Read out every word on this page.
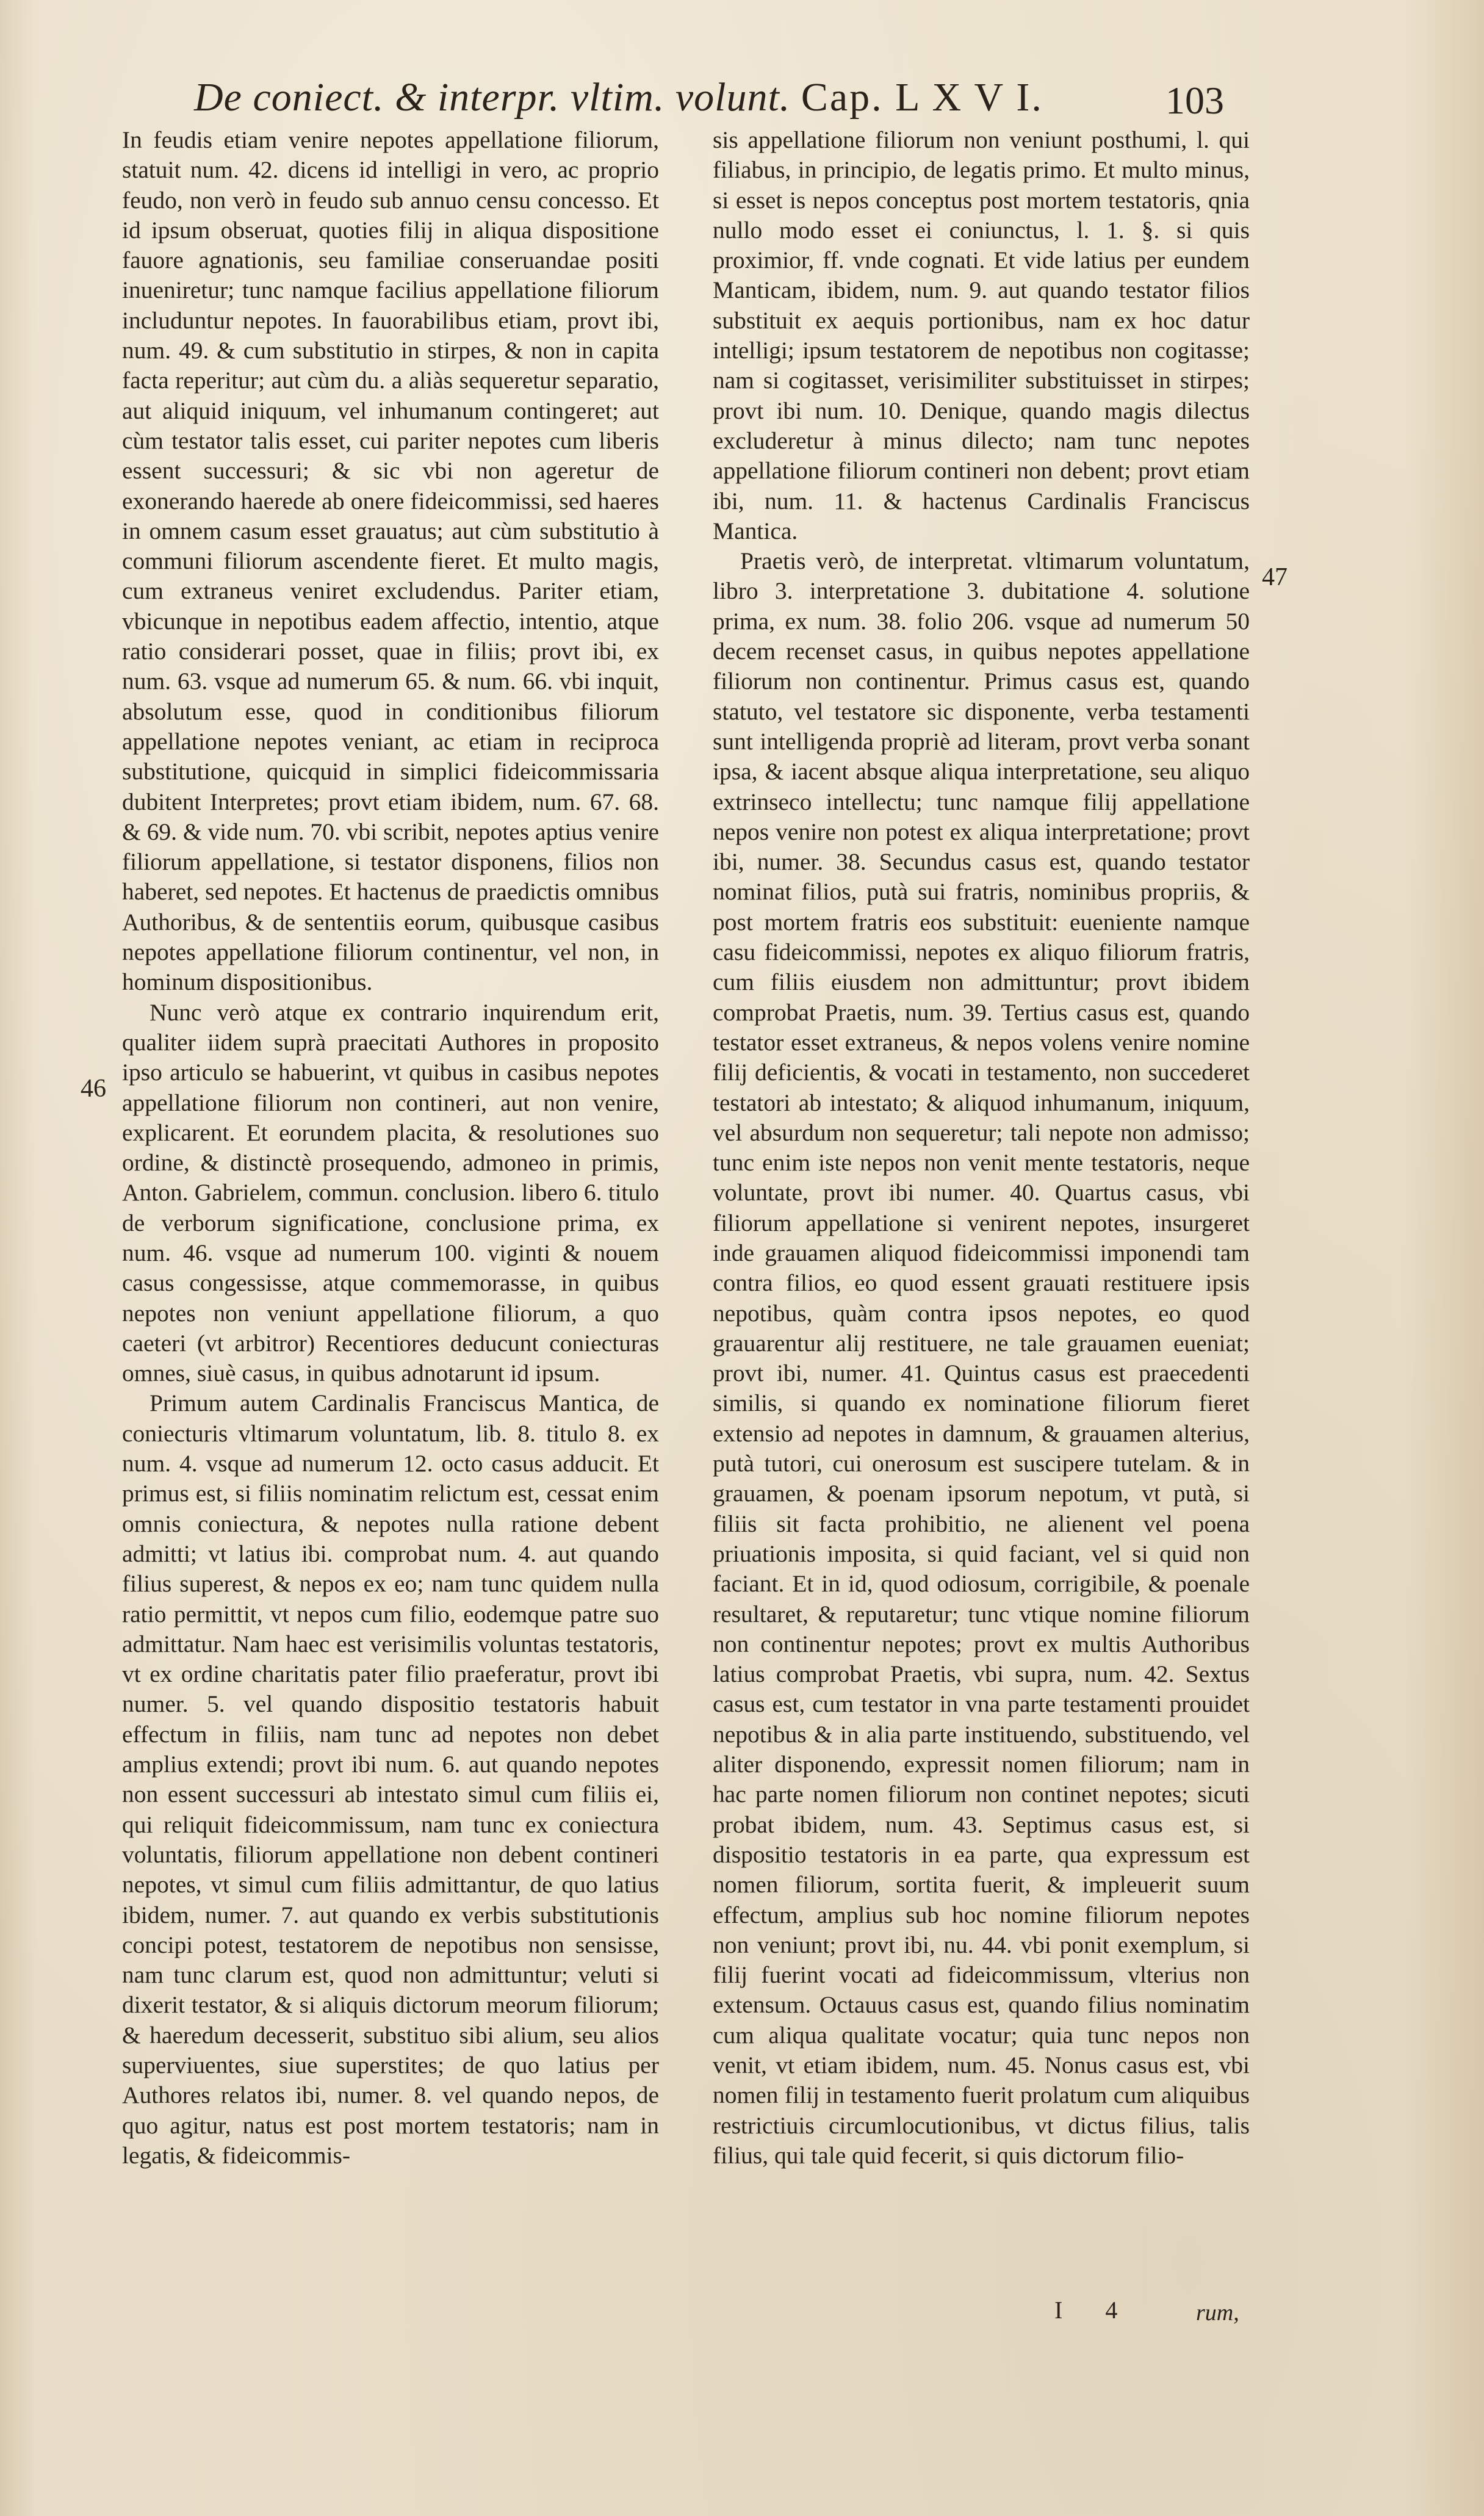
De coniect. & interpr. vltim. volunt. Cap. L X V I.	103
46
47

In feudis etiam venire nepotes appellatione filiorum, statuit num. 42. dicens id intelligi in vero, ac proprio feudo, non verò in feudo sub annuo censu concesso. Et id ipsum obseruat, quoties filij in aliqua dispositione fauore agnationis, seu familiae conseruandae positi inueniretur; tunc namque facilius appellatione filiorum includuntur nepotes. In fauorabilibus etiam, provt ibi, num. 49. & cum substitutio in stirpes, & non in capita facta reperitur; aut cùm du. a aliàs sequeretur separatio, aut aliquid iniquum, vel inhumanum contingeret; aut cùm testator talis esset, cui pariter nepotes cum liberis essent successuri; & sic vbi non ageretur de exonerando haerede ab onere fideicommissi, sed haeres in omnem casum esset grauatus; aut cùm substitutio à communi filiorum ascendente fieret. Et multo magis, cum extraneus veniret excludendus. Pariter etiam, vbicunque in nepotibus eadem affectio, intentio, atque ratio considerari posset, quae in filiis; provt ibi, ex num. 63. vsque ad numerum 65. & num. 66. vbi inquit, absolutum esse, quod in conditionibus filiorum appellatione nepotes veniant, ac etiam in reciproca substitutione, quicquid in simplici fideicommissaria dubitent Interpretes; provt etiam ibidem, num. 67. 68. & 69. & vide num. 70. vbi scribit, nepotes aptius venire filiorum appellatione, si testator disponens, filios non haberet, sed nepotes. Et hactenus de praedictis omnibus Authoribus, & de sententiis eorum, quibusque casibus nepotes appellatione filiorum continentur, vel non, in hominum dispositionibus.

Nunc verò atque ex contrario inquirendum erit, qualiter iidem suprà praecitati Authores in proposito ipso articulo se habuerint, vt quibus in casibus nepotes appellatione filiorum non contineri, aut non venire, explicarent. Et eorundem placita, & resolutiones suo ordine, & distinctè prosequendo, admoneo in primis, Anton. Gabrielem, commun. conclusion. libero 6. titulo de verborum significatione, conclusione prima, ex num. 46. vsque ad numerum 100. viginti & nouem casus congessisse, atque commemorasse, in quibus nepotes non veniunt appellatione filiorum, a quo caeteri (vt arbitror) Recentiores deducunt coniecturas omnes, siuè casus, in quibus adnotarunt id ipsum.

Primum autem Cardinalis Franciscus Mantica, de coniecturis vltimarum voluntatum, lib. 8. titulo 8. ex num. 4. vsque ad numerum 12. octo casus adducit. Et primus est, si filiis nominatim relictum est, cessat enim omnis coniectura, & nepotes nulla ratione debent admitti; vt latius ibi. comprobat num. 4. aut quando filius superest, & nepos ex eo; nam tunc quidem nulla ratio permittit, vt nepos cum filio, eodemque patre suo admittatur. Nam haec est verisimilis voluntas testatoris, vt ex ordine charitatis pater filio praeferatur, provt ibi numer. 5. vel quando dispositio testatoris habuit effectum in filiis, nam tunc ad nepotes non debet amplius extendi; provt ibi num. 6. aut quando nepotes non essent successuri ab intestato simul cum filiis ei, qui reliquit fideicommissum, nam tunc ex coniectura voluntatis, filiorum appellatione non debent contineri nepotes, vt simul cum filiis admittantur, de quo latius ibidem, numer. 7. aut quando ex verbis substitutionis concipi potest, testatorem de nepotibus non sensisse, nam tunc clarum est, quod non admittuntur; veluti si dixerit testator, & si aliquis dictorum meorum filiorum; & haeredum decesserit, substituo sibi alium, seu alios superviuentes, siue superstites; de quo latius per Authores relatos ibi, numer. 8. vel quando nepos, de quo agitur, natus est post mortem testatoris; nam in legatis, & fideicommis-

sis appellatione filiorum non veniunt posthumi, l. qui filiabus, in principio, de legatis primo. Et multo minus, si esset is nepos conceptus post mortem testatoris, qnia nullo modo esset ei coniunctus, l. 1. §. si quis proximior, ff. vnde cognati. Et vide latius per eundem Manticam, ibidem, num. 9. aut quando testator filios substituit ex aequis portionibus, nam ex hoc datur intelligi; ipsum testatorem de nepotibus non cogitasse; nam si cogitasset, verisimiliter substituisset in stirpes; provt ibi num. 10. Denique, quando magis dilectus excluderetur à minus dilecto; nam tunc nepotes appellatione filiorum contineri non debent; provt etiam ibi, num. 11. & hactenus Cardinalis Franciscus Mantica.

Praetis verò, de interpretat. vltimarum voluntatum, libro 3. interpretatione 3. dubitatione 4. solutione prima, ex num. 38. folio 206. vsque ad numerum 50 decem recenset casus, in quibus nepotes appellatione filiorum non continentur. Primus casus est, quando statuto, vel testatore sic disponente, verba testamenti sunt intelligenda propriè ad literam, provt verba sonant ipsa, & iacent absque aliqua interpretatione, seu aliquo extrinseco intellectu; tunc namque filij appellatione nepos venire non potest ex aliqua interpretatione; provt ibi, numer. 38. Secundus casus est, quando testator nominat filios, putà sui fratris, nominibus propriis, & post mortem fratris eos substituit: eueniente namque casu fideicommissi, nepotes ex aliquo filiorum fratris, cum filiis eiusdem non admittuntur; provt ibidem comprobat Praetis, num. 39. Tertius casus est, quando testator esset extraneus, & nepos volens venire nomine filij deficientis, & vocati in testamento, non succederet testatori ab intestato; & aliquod inhumanum, iniquum, vel absurdum non sequeretur; tali nepote non admisso; tunc enim iste nepos non venit mente testatoris, neque voluntate, provt ibi numer. 40. Quartus casus, vbi filiorum appellatione si venirent nepotes, insurgeret inde grauamen aliquod fideicommissi imponendi tam contra filios, eo quod essent grauati restituere ipsis nepotibus, quàm contra ipsos nepotes, eo quod grauarentur alij restituere, ne tale grauamen eueniat; provt ibi, numer. 41. Quintus casus est praecedenti similis, si quando ex nominatione filiorum fieret extensio ad nepotes in damnum, & grauamen alterius, putà tutori, cui onerosum est suscipere tutelam. & in grauamen, & poenam ipsorum nepotum, vt putà, si filiis sit facta prohibitio, ne alienent vel poena priuationis imposita, si quid faciant, vel si quid non faciant. Et in id, quod odiosum, corrigibile, & poenale resultaret, & reputaretur; tunc vtique nomine filiorum non continentur nepotes; provt ex multis Authoribus latius comprobat Praetis, vbi supra, num. 42. Sextus casus est, cum testator in vna parte testamenti prouidet nepotibus & in alia parte instituendo, substituendo, vel aliter disponendo, expressit nomen filiorum; nam in hac parte nomen filiorum non continet nepotes; sicuti probat ibidem, num. 43. Septimus casus est, si dispositio testatoris in ea parte, qua expressum est nomen filiorum, sortita fuerit, & impleuerit suum effectum, amplius sub hoc nomine filiorum nepotes non veniunt; provt ibi, nu. 44. vbi ponit exemplum, si filij fuerint vocati ad fideicommissum, vlterius non extensum. Octauus casus est, quando filius nominatim cum aliqua qualitate vocatur; quia tunc nepos non venit, vt etiam ibidem, num. 45. Nonus casus est, vbi nomen filij in testamento fuerit prolatum cum aliquibus restrictiuis circumlocutionibus, vt dictus filius, talis filius, qui tale quid fecerit, si quis dictorum filio-

I 4	rum,
